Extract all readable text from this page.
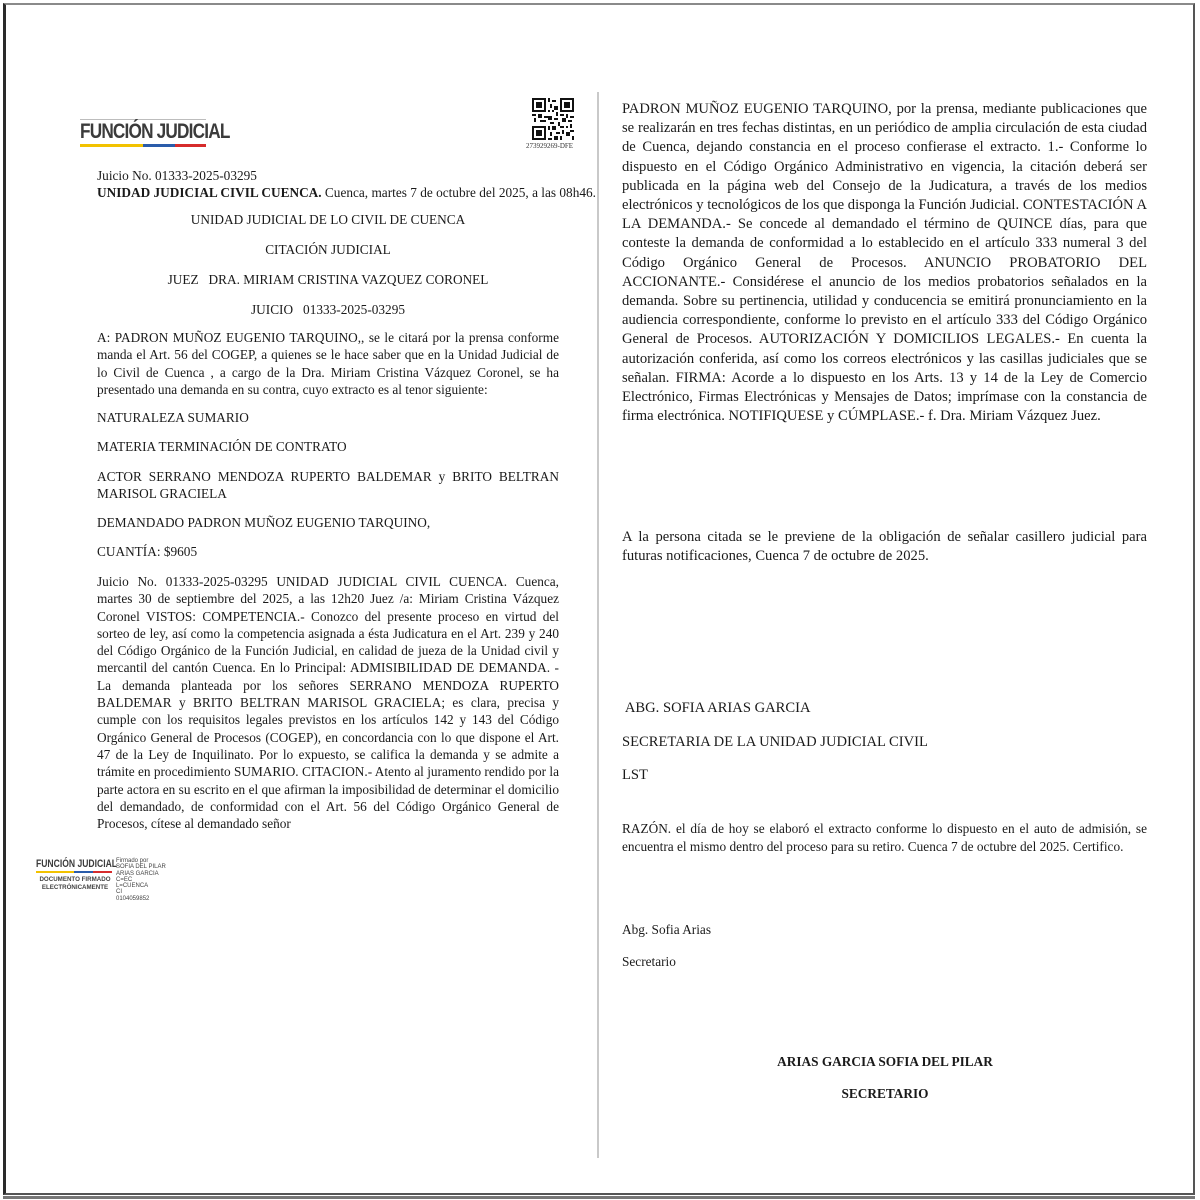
FUNCIÓN JUDICIAL
273929269-DFE
Juicio No. 01333-2025-03295
UNIDAD JUDICIAL CIVIL CUENCA. Cuenca, martes 7 de octubre del 2025, a las 08h46.
UNIDAD JUDICIAL DE LO CIVIL DE CUENCA
CITACIÓN JUDICIAL
JUEZ   DRA. MIRIAM CRISTINA VAZQUEZ CORONEL
JUICIO   01333-2025-03295
A: PADRON MUÑOZ EUGENIO TARQUINO,, se le citará por la prensa conforme manda el Art. 56 del COGEP, a quienes se le hace saber que en la Unidad Judicial de lo Civil de Cuenca , a cargo de la Dra. Miriam Cristina Vázquez Coronel, se ha presentado una demanda en su contra, cuyo extracto es al tenor siguiente:
NATURALEZA SUMARIO
MATERIA TERMINACIÓN DE CONTRATO
ACTOR SERRANO MENDOZA RUPERTO BALDEMAR y BRITO BELTRAN MARISOL GRACIELA
DEMANDADO PADRON MUÑOZ EUGENIO TARQUINO,
CUANTÍA: $9605
Juicio No. 01333-2025-03295 UNIDAD JUDICIAL CIVIL CUENCA. Cuenca, martes 30 de septiembre del 2025, a las 12h20 Juez /a: Miriam Cristina Vázquez Coronel VISTOS: COMPETENCIA.- Conozco del presente proceso en virtud del sorteo de ley, así como la competencia asignada a ésta Judicatura en el Art. 239 y 240 del Código Orgánico de la Función Judicial, en calidad de jueza de la Unidad civil y mercantil del cantón Cuenca. En lo Principal: ADMISIBILIDAD DE DEMANDA. - La demanda planteada por los señores SERRANO MENDOZA RUPERTO BALDEMAR y BRITO BELTRAN MARISOL GRACIELA; es clara, precisa y cumple con los requisitos legales previstos en los artículos 142 y 143 del Código Orgánico General de Procesos (COGEP), en concordancia con lo que dispone el Art. 47 de la Ley de Inquilinato. Por lo expuesto, se califica la demanda y se admite a trámite en procedimiento SUMARIO. CITACION.- Atento al juramento rendido por la parte actora en su escrito en el que afirman la imposibilidad de determinar el domicilio del demandado, de conformidad con el Art. 56 del Código Orgánico General de Procesos, cítese al demandado señor
FUNCIÓN JUDICIAL
DOCUMENTO FIRMADO
ELECTRÓNICAMENTE
Firmado por
SOFIA DEL PILAR
ARIAS GARCIA
C=EC
L=CUENCA
CI
0104059852
PADRON MUÑOZ EUGENIO TARQUINO, por la prensa, mediante publicaciones que se realizarán en tres fechas distintas, en un periódico de amplia circulación de esta ciudad de Cuenca, dejando constancia en el proceso confierase el extracto. 1.- Conforme lo dispuesto en el Código Orgánico Administrativo en vigencia, la citación deberá ser publicada en la página web del Consejo de la Judicatura, a través de los medios electrónicos y tecnológicos de los que disponga la Función Judicial. CONTESTACIÓN A LA DEMANDA.- Se concede al demandado el término de QUINCE días, para que conteste la demanda de conformidad a lo establecido en el artículo 333 numeral 3 del Código Orgánico General de Procesos. ANUNCIO PROBATORIO DEL ACCIONANTE.- Considérese el anuncio de los medios probatorios señalados en la demanda. Sobre su pertinencia, utilidad y conducencia se emitirá pronunciamiento en la audiencia correspondiente, conforme lo previsto en el artículo 333 del Código Orgánico General de Procesos. AUTORIZACIÓN Y DOMICILIOS LEGALES.- En cuenta la autorización conferida, así como los correos electrónicos y las casillas judiciales que se señalan. FIRMA: Acorde a lo dispuesto en los Arts. 13 y 14 de la Ley de Comercio Electrónico, Firmas Electrónicas y Mensajes de Datos; imprímase con la constancia de firma electrónica. NOTIFIQUESE y CÚMPLASE.- f. Dra. Miriam Vázquez Juez.
A la persona citada se le previene de la obligación de señalar casillero judicial para futuras notificaciones, Cuenca 7 de octubre de 2025.
ABG. SOFIA ARIAS GARCIA
SECRETARIA DE LA UNIDAD JUDICIAL CIVIL
LST
RAZÓN. el día de hoy se elaboró el extracto conforme lo dispuesto en el auto de admisión, se encuentra el mismo dentro del proceso para su retiro. Cuenca 7 de octubre del 2025. Certifico.
Abg. Sofia Arias
Secretario
ARIAS GARCIA SOFIA DEL PILAR
SECRETARIO
